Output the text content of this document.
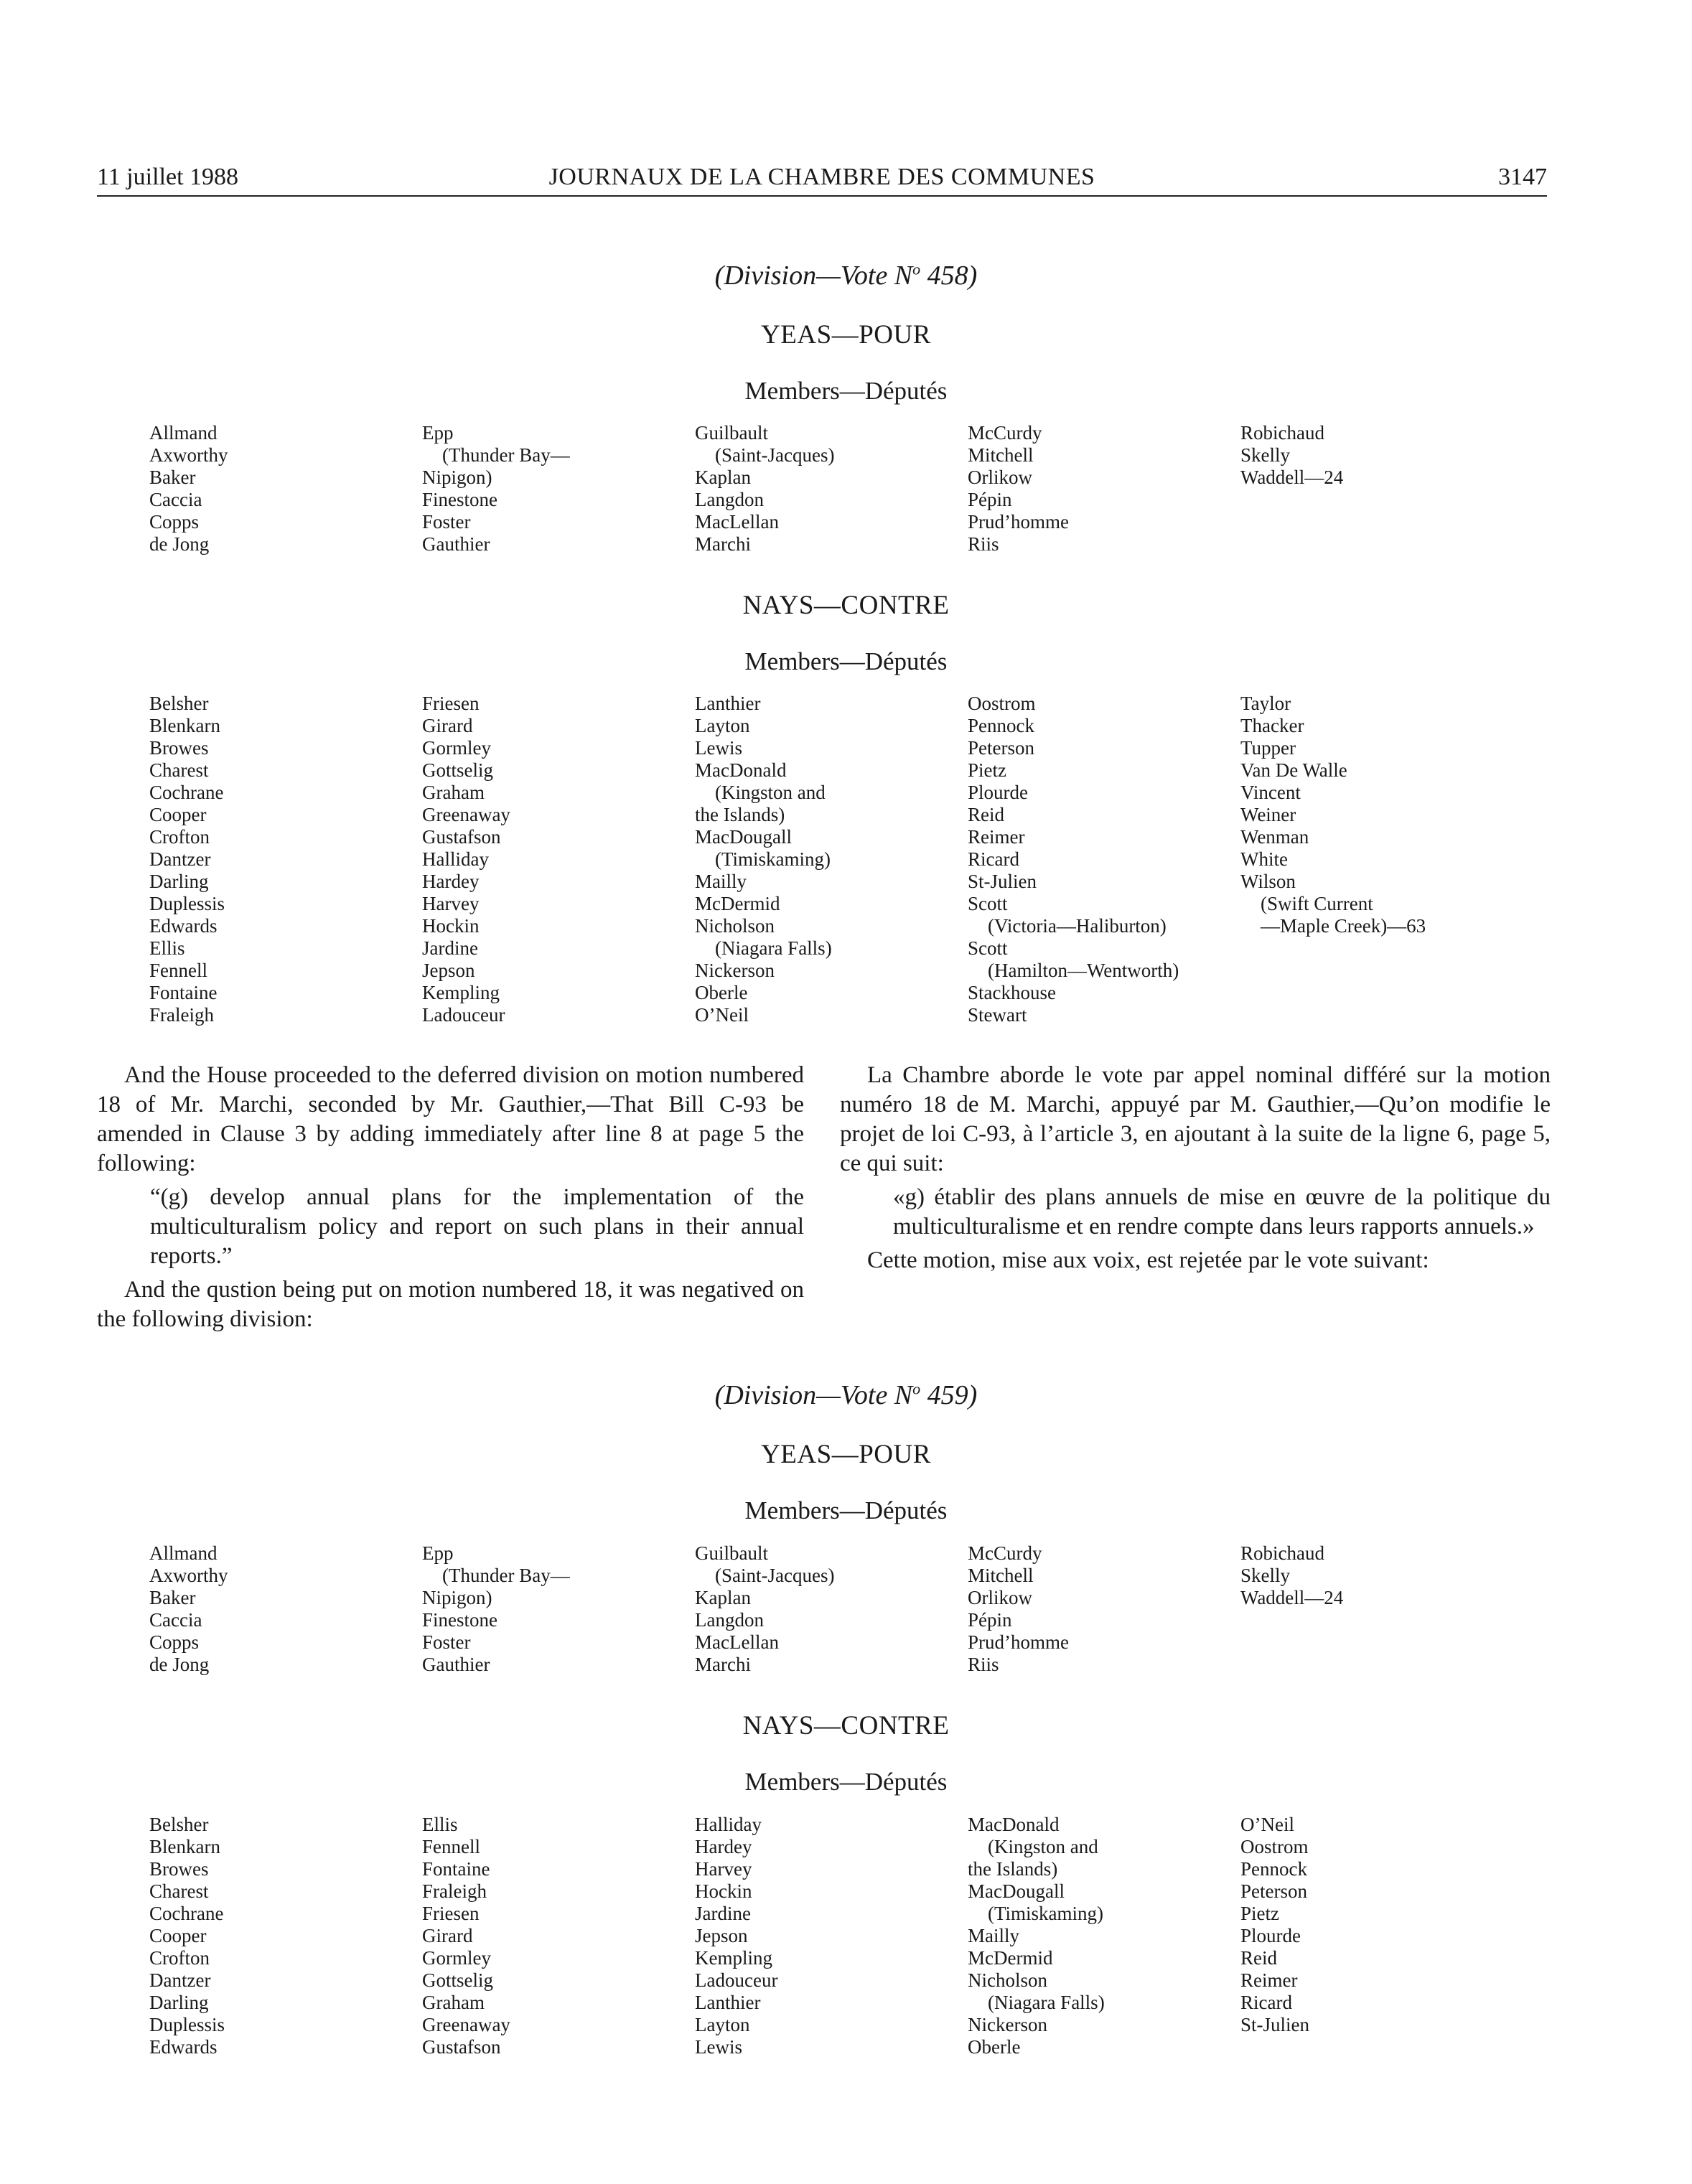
11 juillet 1988	JOURNAUX DE LA CHAMBRE DES COMMUNES	3147
(Division—Vote $N^o$ 458)
YEAS—POUR
Members—Députés
Allmand
Axworthy
Baker
Caccia
Copps
de Jong
Epp
(Thunder Bay—
Nipigon)
Finestone
Foster
Gauthier
Guilbault
(Saint-Jacques)
Kaplan
Langdon
MacLellan
Marchi
McCurdy
Mitchell
Orlikow
Pépin
Prud’homme
Riis
Robichaud
Skelly
Waddell—24
NAYS—CONTRE
Members—Députés
Belsher
Blenkarn
Browes
Charest
Cochrane
Cooper
Crofton
Dantzer
Darling
Duplessis
Edwards
Ellis
Fennell
Fontaine
Fraleigh
Friesen
Girard
Gormley
Gottselig
Graham
Greenaway
Gustafson
Halliday
Hardey
Harvey
Hockin
Jardine
Jepson
Kempling
Ladouceur
Lanthier
Layton
Lewis
MacDonald
(Kingston and
the Islands)
MacDougall
(Timiskaming)
Mailly
McDermid
Nicholson
(Niagara Falls)
Nickerson
Oberle
O’Neil
Oostrom
Pennock
Peterson
Pietz
Plourde
Reid
Reimer
Ricard
St-Julien
Scott
(Victoria—Haliburton)
Scott
(Hamilton—Wentworth)
Stackhouse
Stewart
Taylor
Thacker
Tupper
Van De Walle
Vincent
Weiner
Wenman
White
Wilson
(Swift Current
—Maple Creek)—63

And the House proceeded to the deferred division on motion numbered 18 of Mr. Marchi, seconded by Mr. Gauthier,—That Bill C-93 be amended in Clause 3 by adding immediately after line 8 at page 5 the following:

“(g) develop annual plans for the implementation of the multiculturalism policy and report on such plans in their annual reports.”

And the qustion being put on motion numbered 18, it was negatived on the following division:

La Chambre aborde le vote par appel nominal différé sur la motion numéro 18 de M. Marchi, appuyé par M. Gauthier,—Qu’on modifie le projet de loi C-93, à l’article 3, en ajoutant à la suite de la ligne 6, page 5, ce qui suit:

«g) établir des plans annuels de mise en œuvre de la politique du multiculturalisme et en rendre compte dans leurs rapports annuels.»

Cette motion, mise aux voix, est rejetée par le vote suivant:

(Division—Vote $N^o$ 459)
YEAS—POUR
Members—Députés
Allmand
Axworthy
Baker
Caccia
Copps
de Jong
Epp
(Thunder Bay—
Nipigon)
Finestone
Foster
Gauthier
Guilbault
(Saint-Jacques)
Kaplan
Langdon
MacLellan
Marchi
McCurdy
Mitchell
Orlikow
Pépin
Prud’homme
Riis
Robichaud
Skelly
Waddell—24
NAYS—CONTRE
Members—Députés
Belsher
Blenkarn
Browes
Charest
Cochrane
Cooper
Crofton
Dantzer
Darling
Duplessis
Edwards
Ellis
Fennell
Fontaine
Fraleigh
Friesen
Girard
Gormley
Gottselig
Graham
Greenaway
Gustafson
Halliday
Hardey
Harvey
Hockin
Jardine
Jepson
Kempling
Ladouceur
Lanthier
Layton
Lewis
MacDonald
(Kingston and
the Islands)
MacDougall
(Timiskaming)
Mailly
McDermid
Nicholson
(Niagara Falls)
Nickerson
Oberle
O’Neil
Oostrom
Pennock
Peterson
Pietz
Plourde
Reid
Reimer
Ricard
St-Julien
